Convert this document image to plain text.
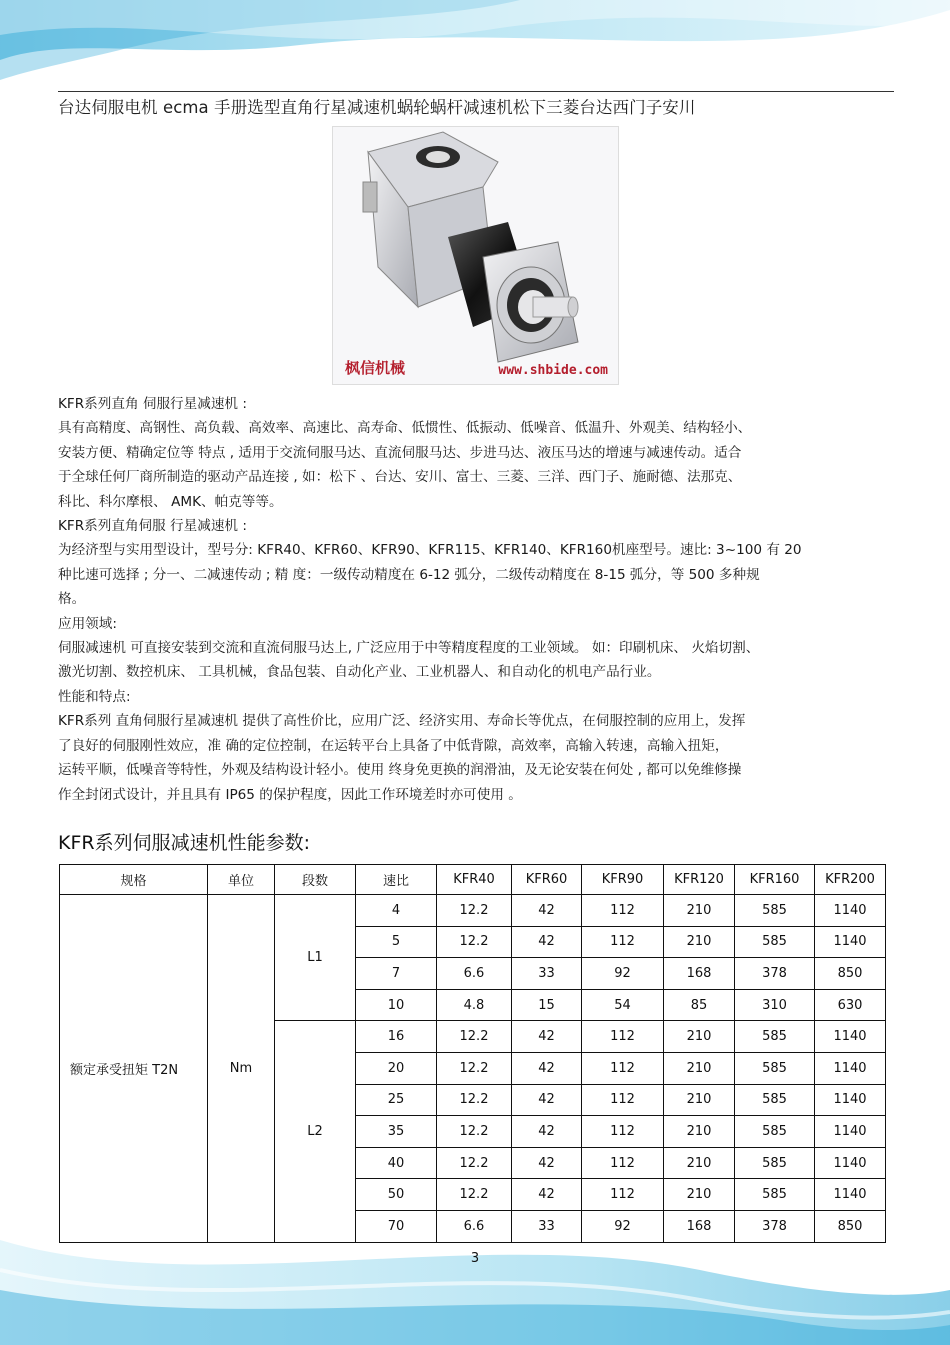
台达伺服电机 ecma 手册选型直角行星减速机蜗轮蜗杆减速机松下三菱台达西门子安川
枫信机械	www.shbide.com

KFR系列直角 伺服行星减速机 :

具有高精度、高钢性、高负载、高效率、高速比、高寿命、低惯性、低振动、低噪音、低温升、外观美、结构轻小、

安装方便、精确定位等 特点 , 适用于交流伺服马达、直流伺服马达、步进马达、液压马达的增速与减速传动。适合

于全球任何厂商所制造的驱动产品连接 , 如：松下 、台达、安川、富士、三菱、三洋、西门子、施耐德、法那克、

科比、科尔摩根、 AMK、帕克等等。

KFR系列直角伺服 行星减速机 :

为经济型与实用型设计，型号分: KFR40、KFR60、KFR90、KFR115、KFR140、KFR160机座型号。速比: 3~100 有 20

种比速可选择 ; 分一、二减速传动 ; 精 度：一级传动精度在 6-12 弧分，二级传动精度在 8-15 弧分，等 500 多种规

格。

应用领域:

伺服减速机 可直接安装到交流和直流伺服马达上, 广泛应用于中等精度程度的工业领域。 如：印刷机床、 火焰切割、

激光切割、数控机床、 工具机械，食品包装、自动化产业、工业机器人、和自动化的机电产品行业。

性能和特点:

KFR系列 直角伺服行星减速机 提供了高性价比，应用广泛、经济实用、寿命长等优点，在伺服控制的应用上，发挥

了良好的伺服刚性效应，准 确的定位控制，在运转平台上具备了中低背隙，高效率，高输入转速，高输入扭矩，

运转平顺，低噪音等特性，外观及结构设计轻小。使用 终身免更换的润滑油，及无论安装在何处 , 都可以免维修操

作全封闭式设计，并且具有 IP65 的保护程度，因此工作环境差时亦可使用 。

KFR系列伺服减速机性能参数:
规格	单位	段数	速比	KFR40	KFR60	KFR90	KFR120	KFR160	KFR200
额定承受扭矩 T2N	Nm	L1	4	12.2	42	112	210	585	1140
			5	12.2	42	112	210	585	1140
			7	6.6	33	92	168	378	850
			10	4.8	15	54	85	310	630
		L2	16	12.2	42	112	210	585	1140
			20	12.2	42	112	210	585	1140
			25	12.2	42	112	210	585	1140
			35	12.2	42	112	210	585	1140
			40	12.2	42	112	210	585	1140
			50	12.2	42	112	210	585	1140
			70	6.6	33	92	168	378	850
3
